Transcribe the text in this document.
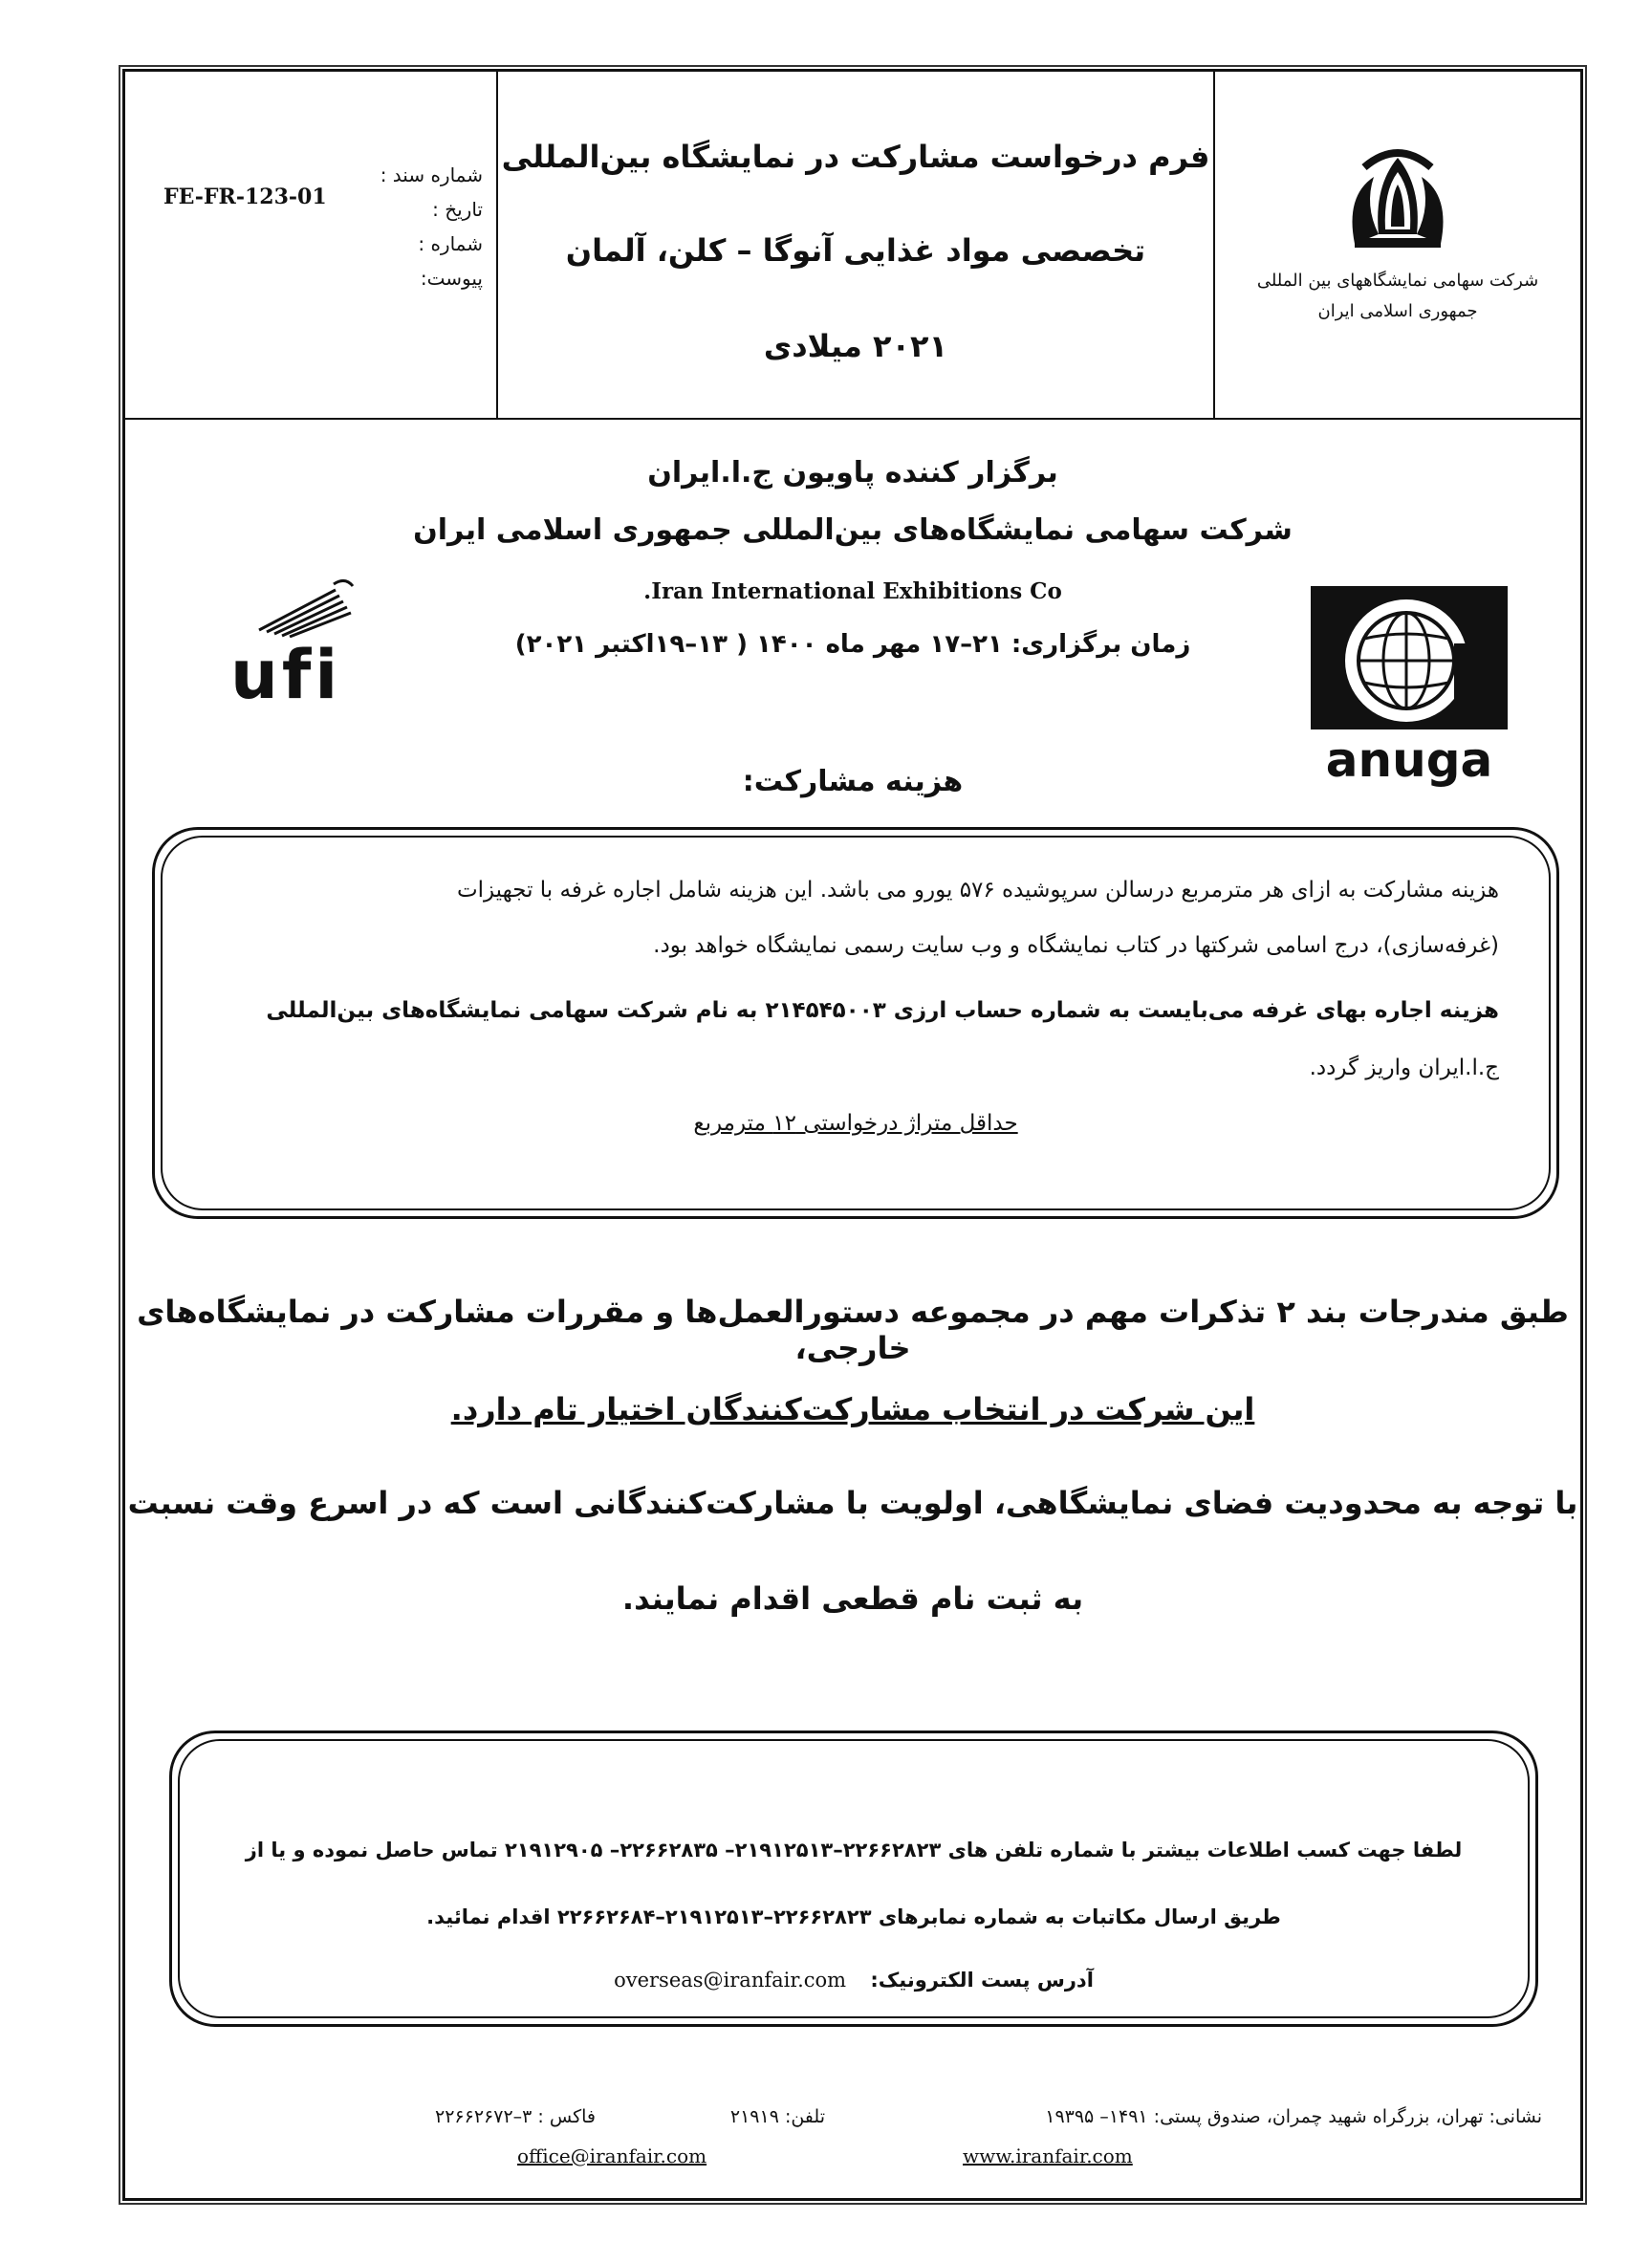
شماره سند :
تاریخ :
شماره :
پیوست:
FE-FR-123-01
فرم درخواست مشارکت در نمایشگاه بین‌المللی
تخصصی مواد غذایی آنوگا – کلن، آلمان
۲۰۲۱ میلادی
شرکت سهامی نمایشگاههای بین المللی
جمهوری اسلامی ایران
برگزار کننده پاویون ج.ا.ایران
شرکت سهامی نمایشگاه‌های بین‌المللی جمهوری اسلامی ایران
Iran International Exhibitions Co.
زمان برگزاری: ۲۱–۱۷ مهر ماه ۱۴۰۰ ( ۱۳–۱۹اکتبر ۲۰۲۱)
ufi
anuga
هزینه مشارکت:
هزینه مشارکت به ازای هر مترمربع درسالن سرپوشیده ۵۷۶ یورو می باشد. این هزینه شامل اجاره غرفه با تجهیزات
(غرفه‌سازی)، درج اسامی شرکتها در کتاب نمایشگاه و وب سایت رسمی نمایشگاه خواهد بود.
هزینه اجاره بهای غرفه می‌بایست به شماره حساب ارزی ۲۱۴۵۴۵۰۰۳ به نام شرکت سهامی نمایشگاه‌های بین‌المللی
ج.ا.ایران واریز گردد.
حداقل متراژ درخواستی ۱۲ مترمربع
طبق مندرجات بند ۲ تذکرات مهم در مجموعه دستورالعمل‌ها و مقررات مشارکت در نمایشگاه‌های خارجی،
این شرکت در انتخاب مشارکت‌کنندگان اختیار تام دارد.
با توجه به محدودیت فضای نمایشگاهی، اولویت با مشارکت‌کنندگانی است که در اسرع وقت نسبت
به ثبت نام قطعی اقدام نمایند.
لطفا جهت کسب اطلاعات بیشتر با شماره تلفن های ۲۲۶۶۲۸۲۳–۲۱۹۱۲۵۱۳– ۲۲۶۶۲۸۳۵– ۲۱۹۱۲۹۰۵ تماس حاصل نموده و یا از
طریق ارسال مکاتبات به شماره نمابرهای ۲۲۶۶۲۸۲۳–۲۱۹۱۲۵۱۳–۲۲۶۶۲۶۸۴ اقدام نمائید.
آدرس پست الکترونیک: overseas@iranfair.com
نشانی: تهران، بزرگراه شهید چمران، صندوق پستی: ۱۴۹۱– ۱۹۳۹۵
تلفن: ۲۱۹۱۹
فاکس : ۳–۲۲۶۶۲۶۷۲
www.iranfair.com
office@iranfair.com
